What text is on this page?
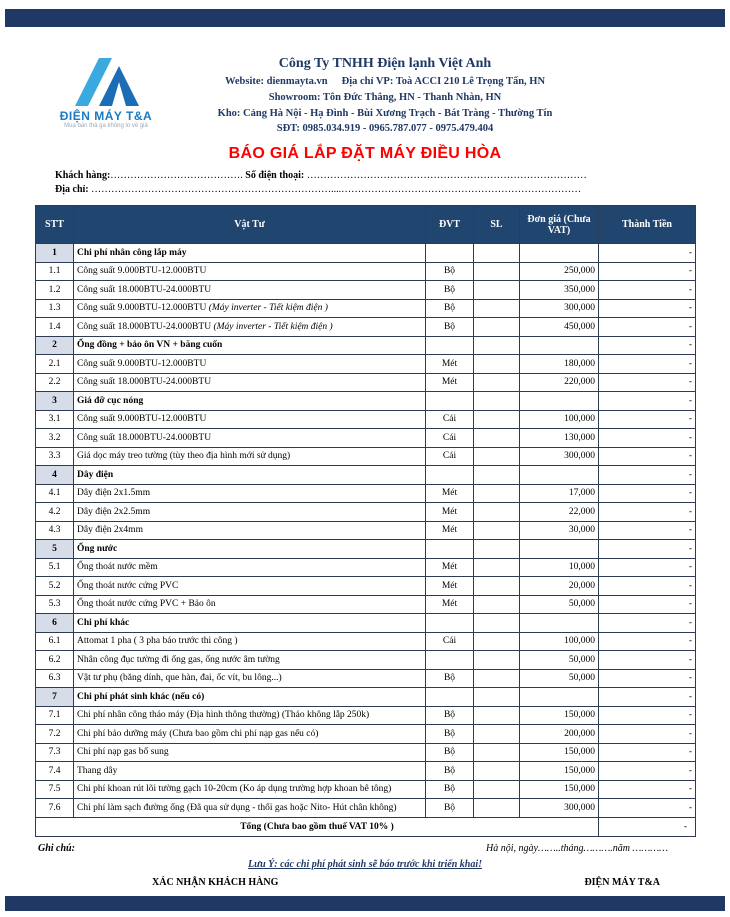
ĐIỆN MÁY T&A
Mua bán thả ga không lo về giá
Công Ty TNHH Điện lạnh Việt Anh
Website: dienmayta.vn Địa chỉ VP: Toà ACCI 210 Lê Trọng Tấn, HN
Showroom: Tôn Đức Thắng, HN - Thanh Nhàn, HN
Kho: Cảng Hà Nội - Hạ Đình - Bùi Xương Trạch - Bát Tràng - Thường Tín
SĐT: 0985.034.919 - 0965.787.077 - 0975.479.404
BÁO GIÁ LẮP ĐẶT MÁY ĐIỀU HÒA
Khách hàng:…………………………………. Số điện thoại: …………………………………………………………………………
Địa chỉ: ………………………………………………………………....………………………………………………………………
STT	Vật Tư	ĐVT	SL	Đơn giá (Chưa VAT)	Thành Tiền
1	Chi phí nhân công lắp máy				-
1.1	Công suất 9.000BTU-12.000BTU	Bộ		250,000	-
1.2	Công suất 18.000BTU-24.000BTU	Bộ		350,000	-
1.3	Công suất 9.000BTU-12.000BTU (Máy inverter - Tiết kiệm điện )	Bộ		300,000	-
1.4	Công suất 18.000BTU-24.000BTU (Máy inverter - Tiết kiệm điện )	Bộ		450,000	-
2	Ống đồng + bảo ôn VN + băng cuốn				-
2.1	Công suất 9.000BTU-12.000BTU	Mét		180,000	-
2.2	Công suất 18.000BTU-24.000BTU	Mét		220,000	-
3	Giá đỡ cục nóng				-
3.1	Công suất 9.000BTU-12.000BTU	Cái		100,000	-
3.2	Công suất 18.000BTU-24.000BTU	Cái		130,000	-
3.3	Giá dọc máy treo tường (tùy theo địa hình mới sử dụng)	Cái		300,000	-
4	Dây điện				-
4.1	Dây điện 2x1.5mm	Mét		17,000	-
4.2	Dây điện 2x2.5mm	Mét		22,000	-
4.3	Dây điện 2x4mm	Mét		30,000	-
5	Ống nước				-
5.1	Ống thoát nước mềm	Mét		10,000	-
5.2	Ống thoát nước cứng PVC	Mét		20,000	-
5.3	Ống thoát nước cứng PVC + Bảo ôn	Mét		50,000	-
6	Chi phí khác				-
6.1	Attomat 1 pha ( 3 pha báo trước thi công )	Cái		100,000	-
6.2	Nhân công đục tường đi ống gas, ống nước âm tường			50,000	-
6.3	Vật tư phụ (băng dính, que hàn, đai, ốc vít, bu lông...)	Bộ		50,000	-
7	Chi phí phát sinh khác (nếu có)				-
7.1	Chi phí nhân công tháo máy (Địa hình thông thường) (Tháo không lắp 250k)	Bộ		150,000	-
7.2	Chi phí bảo dưỡng máy (Chưa bao gồm chi phí nạp gas nếu có)	Bộ		200,000	-
7.3	Chi phí nạp gas bổ sung	Bộ		150,000	-
7.4	Thang dây	Bộ		150,000	-
7.5	Chi phí khoan rút lõi tường gạch 10-20cm (Ko áp dụng trường hợp khoan bê tông)	Bộ		150,000	-
7.6	Chi phí làm sạch đường ống (Đã qua sử dụng - thổi gas hoặc Nito- Hút chân không)	Bộ		300,000	-
Tổng (Chưa bao gồm thuế VAT 10% )					-
Ghi chú:	Hà nội, ngày……..tháng……….năm …………
Lưu Ý: các chi phí phát sinh sẽ báo trước khi triển khai!
XÁC NHẬN KHÁCH HÀNG	ĐIỆN MÁY T&A
